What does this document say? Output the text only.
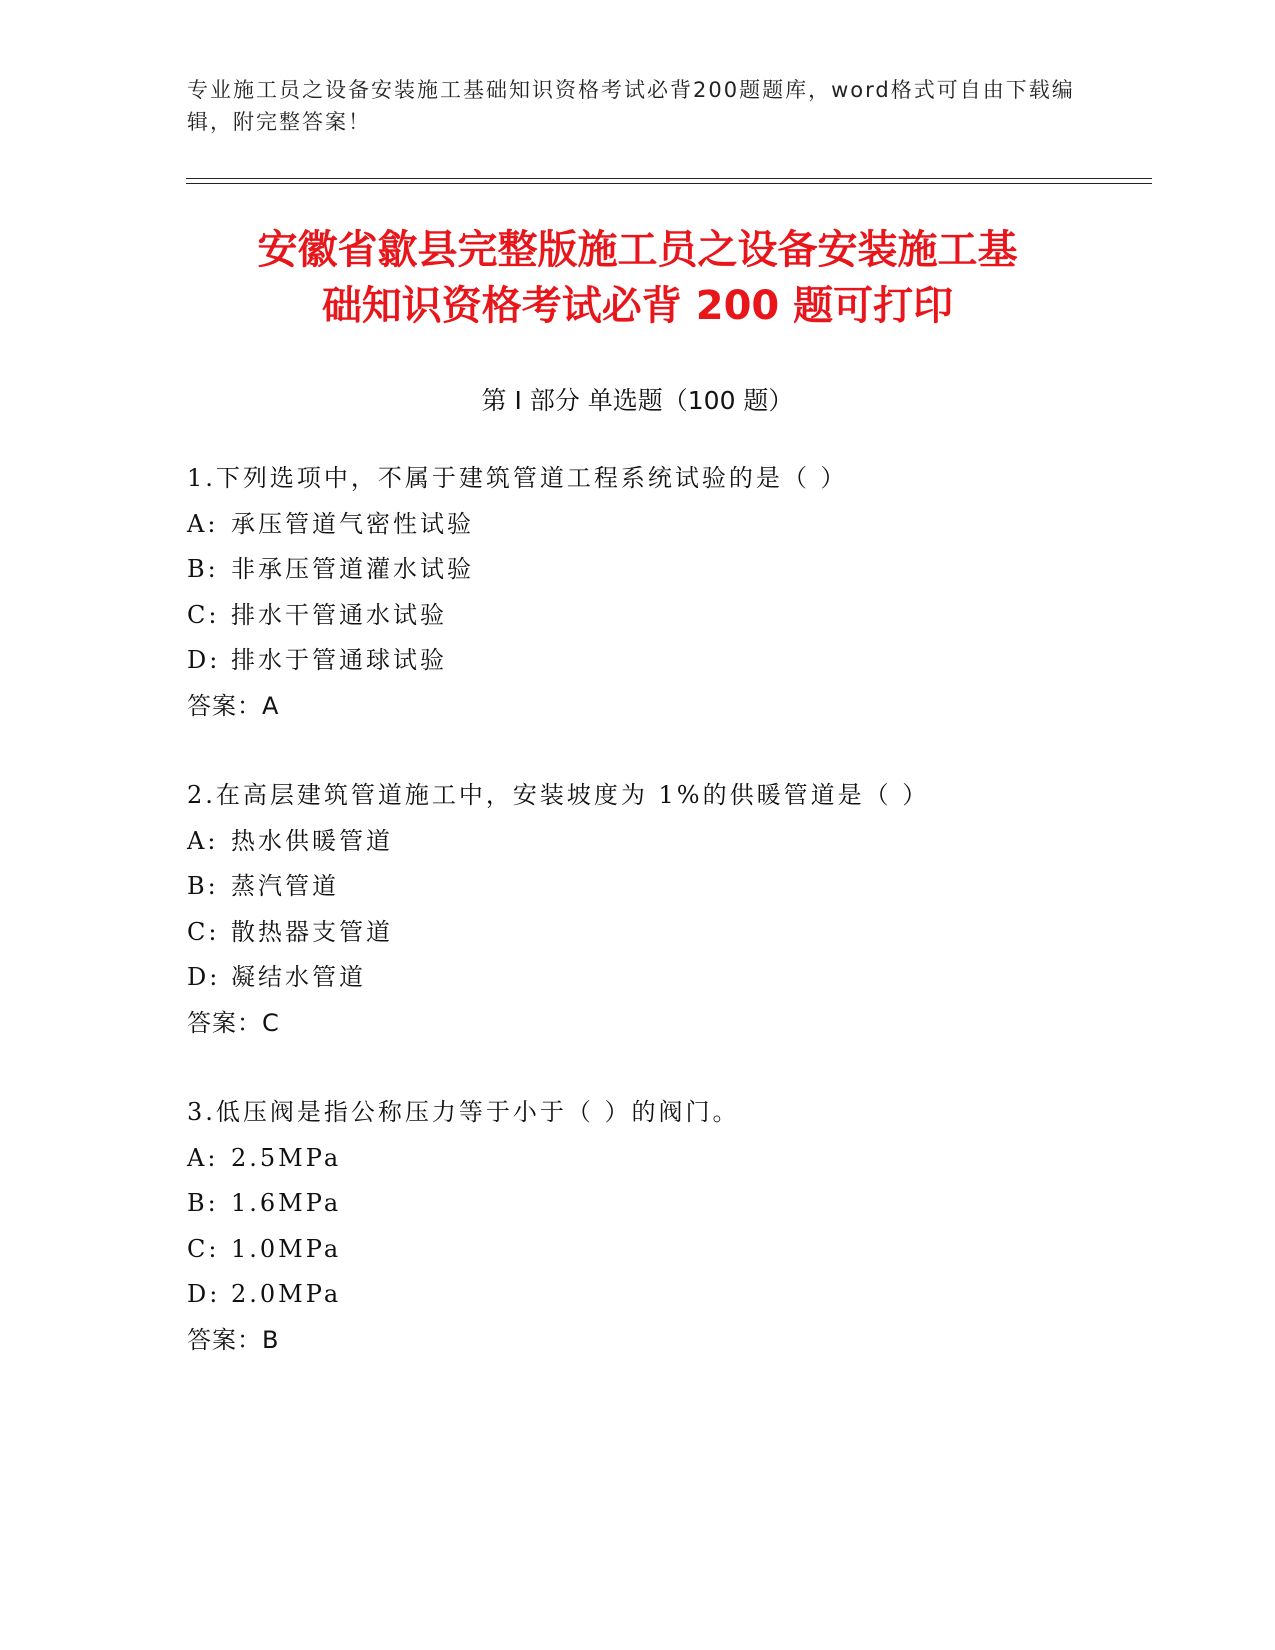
专业施工员之设备安装施工基础知识资格考试必背200题题库，word格式可自由下载编辑，附完整答案！
安徽省歙县完整版施工员之设备安装施工基
础知识资格考试必背 200 题可打印
第 I 部分 单选题（100 题）
1.下列选项中，不属于建筑管道工程系统试验的是（ ）
A: 承压管道气密性试验
B: 非承压管道灌水试验
C: 排水干管通水试验
D: 排水于管通球试验
答案：A
2.在高层建筑管道施工中，安装坡度为 1%的供暖管道是（ ）
A: 热水供暖管道
B: 蒸汽管道
C: 散热器支管道
D: 凝结水管道
答案：C
3.低压阀是指公称压力等于小于（ ）的阀门。
A: 2.5MPa
B: 1.6MPa
C: 1.0MPa
D: 2.0MPa
答案：B
